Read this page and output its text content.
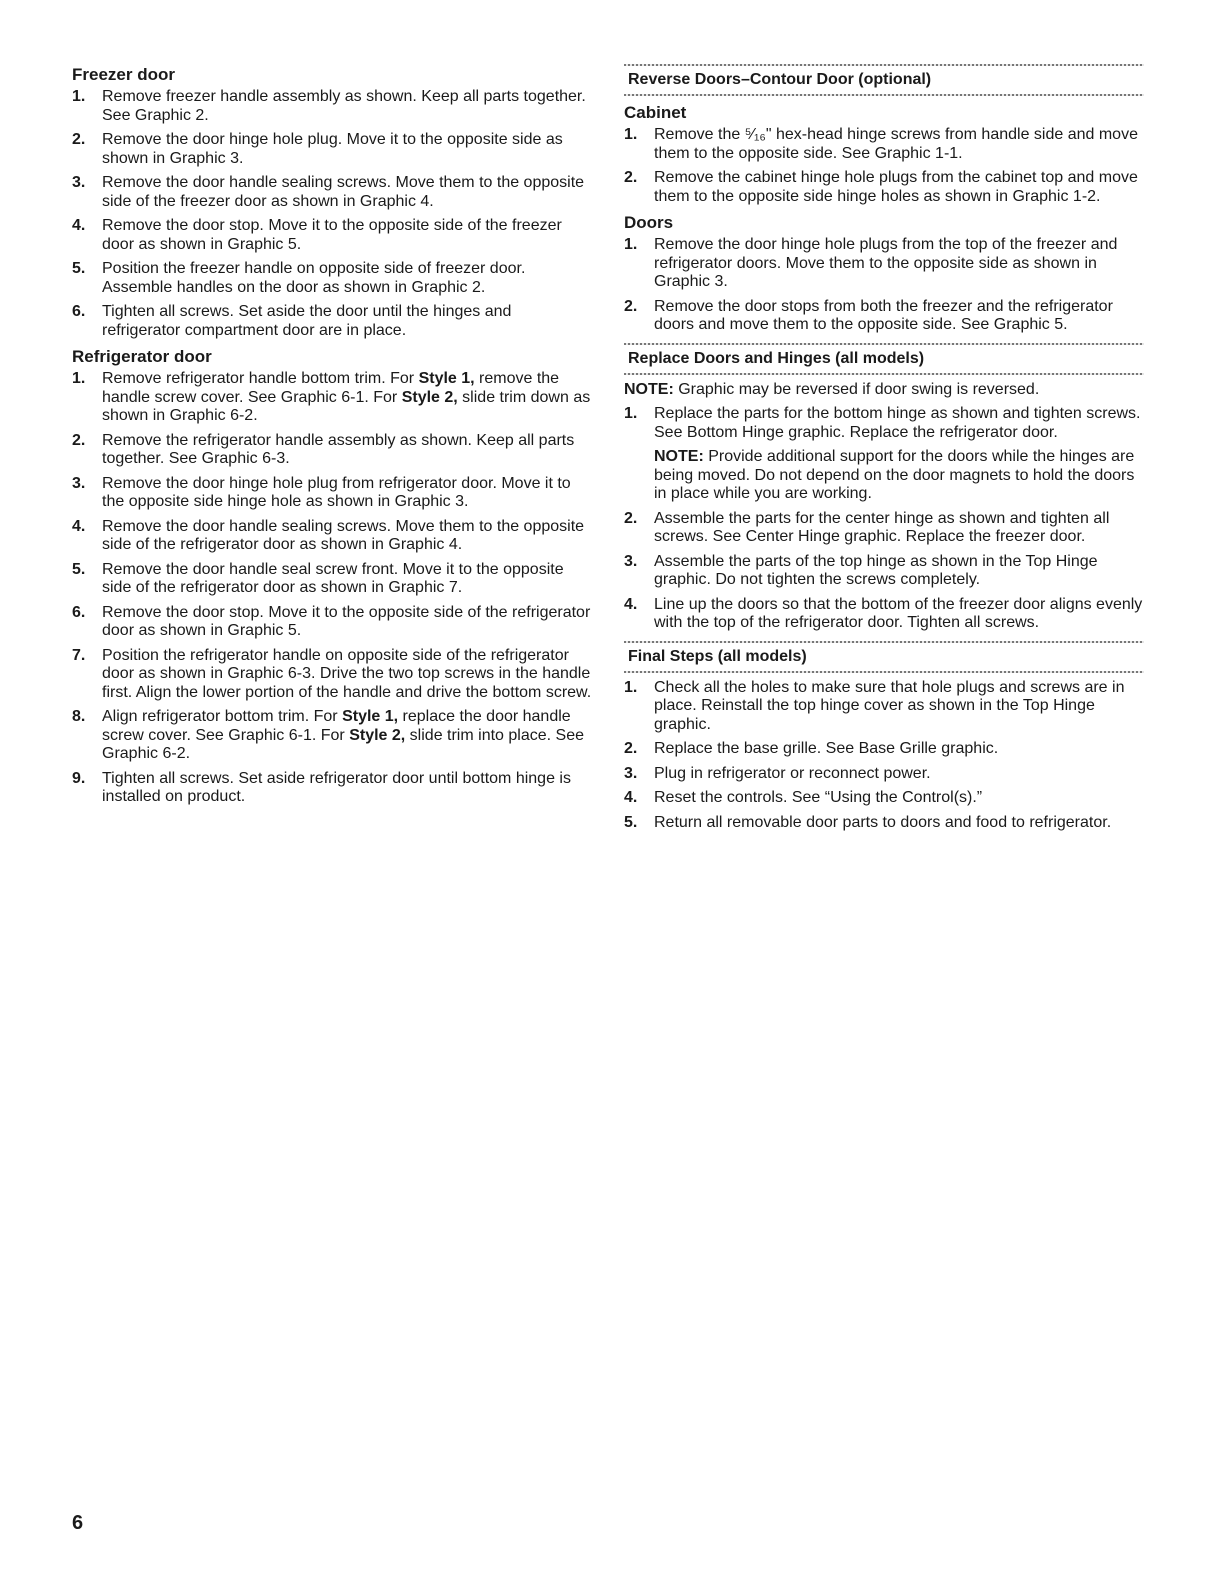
Freezer door
1. Remove freezer handle assembly as shown. Keep all parts together. See Graphic 2.
2. Remove the door hinge hole plug. Move it to the opposite side as shown in Graphic 3.
3. Remove the door handle sealing screws. Move them to the opposite side of the freezer door as shown in Graphic 4.
4. Remove the door stop. Move it to the opposite side of the freezer door as shown in Graphic 5.
5. Position the freezer handle on opposite side of freezer door. Assemble handles on the door as shown in Graphic 2.
6. Tighten all screws. Set aside the door until the hinges and refrigerator compartment door are in place.
Refrigerator door
1. Remove refrigerator handle bottom trim. For Style 1, remove the handle screw cover. See Graphic 6-1. For Style 2, slide trim down as shown in Graphic 6-2.
2. Remove the refrigerator handle assembly as shown. Keep all parts together. See Graphic 6-3.
3. Remove the door hinge hole plug from refrigerator door. Move it to the opposite side hinge hole as shown in Graphic 3.
4. Remove the door handle sealing screws. Move them to the opposite side of the refrigerator door as shown in Graphic 4.
5. Remove the door handle seal screw front. Move it to the opposite side of the refrigerator door as shown in Graphic 7.
6. Remove the door stop. Move it to the opposite side of the refrigerator door as shown in Graphic 5.
7. Position the refrigerator handle on opposite side of the refrigerator door as shown in Graphic 6-3. Drive the two top screws in the handle first. Align the lower portion of the handle and drive the bottom screw.
8. Align refrigerator bottom trim. For Style 1, replace the door handle screw cover. See Graphic 6-1. For Style 2, slide trim into place. See Graphic 6-2.
9. Tighten all screws. Set aside refrigerator door until bottom hinge is installed on product.
Reverse Doors–Contour Door (optional)
Cabinet
1. Remove the ⁵⁄₁₆" hex-head hinge screws from handle side and move them to the opposite side. See Graphic 1-1.
2. Remove the cabinet hinge hole plugs from the cabinet top and move them to the opposite side hinge holes as shown in Graphic 1-2.
Doors
1. Remove the door hinge hole plugs from the top of the freezer and refrigerator doors. Move them to the opposite side as shown in Graphic 3.
2. Remove the door stops from both the freezer and the refrigerator doors and move them to the opposite side. See Graphic 5.
Replace Doors and Hinges (all models)
NOTE: Graphic may be reversed if door swing is reversed.
1. Replace the parts for the bottom hinge as shown and tighten screws. See Bottom Hinge graphic. Replace the refrigerator door.
NOTE: Provide additional support for the doors while the hinges are being moved. Do not depend on the door magnets to hold the doors in place while you are working.
2. Assemble the parts for the center hinge as shown and tighten all screws. See Center Hinge graphic. Replace the freezer door.
3. Assemble the parts of the top hinge as shown in the Top Hinge graphic. Do not tighten the screws completely.
4. Line up the doors so that the bottom of the freezer door aligns evenly with the top of the refrigerator door. Tighten all screws.
Final Steps (all models)
1. Check all the holes to make sure that hole plugs and screws are in place. Reinstall the top hinge cover as shown in the Top Hinge graphic.
2. Replace the base grille. See Base Grille graphic.
3. Plug in refrigerator or reconnect power.
4. Reset the controls. See “Using the Control(s).”
5. Return all removable door parts to doors and food to refrigerator.
6
